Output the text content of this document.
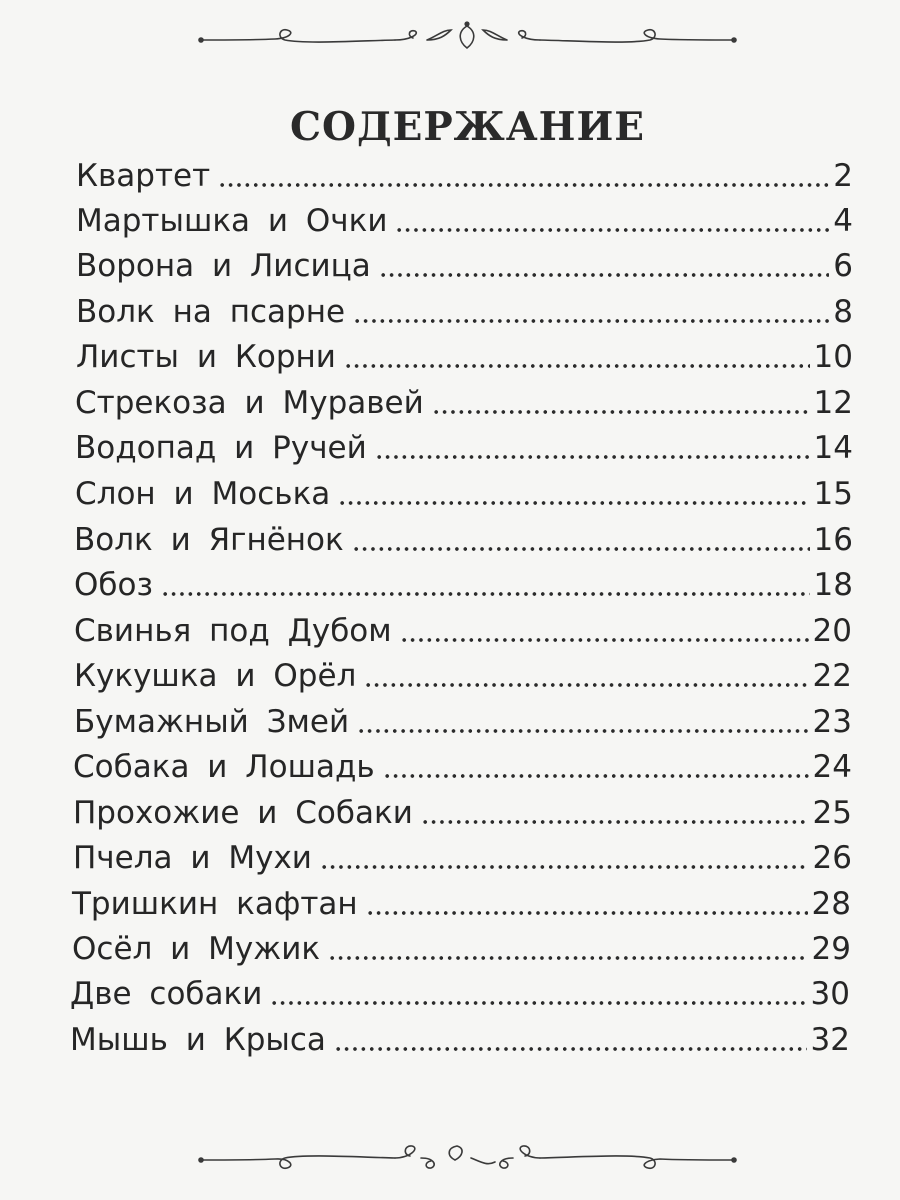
СОДЕРЖАНИЕ
Квартет	2
Мартышка и Очки	4
Ворона и Лисица	6
Волк на псарне	8
Листы и Корни	10
Стрекоза и Муравей	12
Водопад и Ручей	14
Слон и Моська	15
Волк и Ягнёнок	16
Обоз	18
Свинья под Дубом	20
Кукушка и Орёл	22
Бумажный Змей	23
Собака и Лошадь	24
Прохожие и Собаки	25
Пчела и Мухи	26
Тришкин кафтан	28
Осёл и Мужик	29
Две собаки	30
Мышь и Крыса	32
